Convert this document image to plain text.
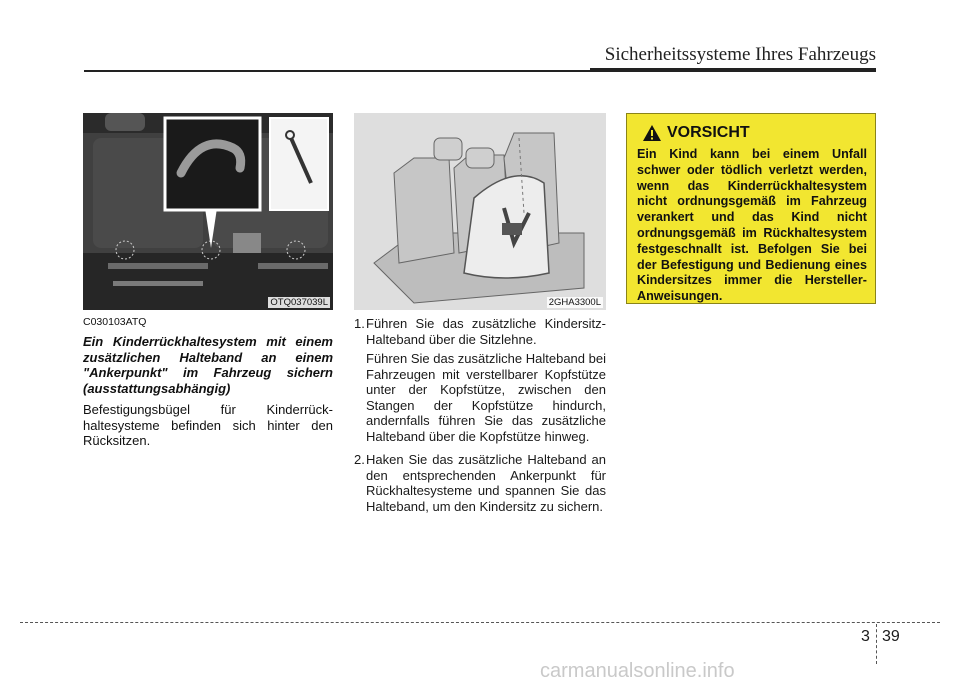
Sicherheitssysteme Ihres Fahrzeugs
OTQ037039L	2GHA3300L
C030103ATQ

Ein Kinderrückhaltesystem mit einem zusätzlichen Halteband an einem "Ankerpunkt" im Fahrzeug sichern (ausstattungsabhängig)

Befestigungsbügel für Kinderrückhaltesysteme befinden sich hinter den Rücksitzen.

1. Führen Sie das zusätzliche KindersitzHalteband über die Sitzlehne.

Führen Sie das zusätzliche Halteband bei Fahrzeugen mit verstellbarer Kopfstütze unter der Kopfstütze, zwischen den Stangen der Kopfstütze hindurch, andernfalls führen Sie das zusätzliche Halteband über die Kopfstütze hinweg.

2. Haken Sie das zusätzliche Halteband an den entsprechenden Ankerpunkt für Rückhaltesysteme und spannen Sie das Halteband, um den Kindersitz zu sichern.

VORSICHT

Ein Kind kann bei einem Unfall schwer oder tödlich verletzt werden, wenn das Kinderrückhaltesystem nicht ordnungsgemäß im Fahrzeug verankert und das Kind nicht ordnungsgemäß im Rückhaltesystem festgeschnallt ist. Befolgen Sie bei der Befestigung und Bedienung eines Kindersitzes immer die Hersteller-Anweisungen.

3 39
carmanualsonline.info
